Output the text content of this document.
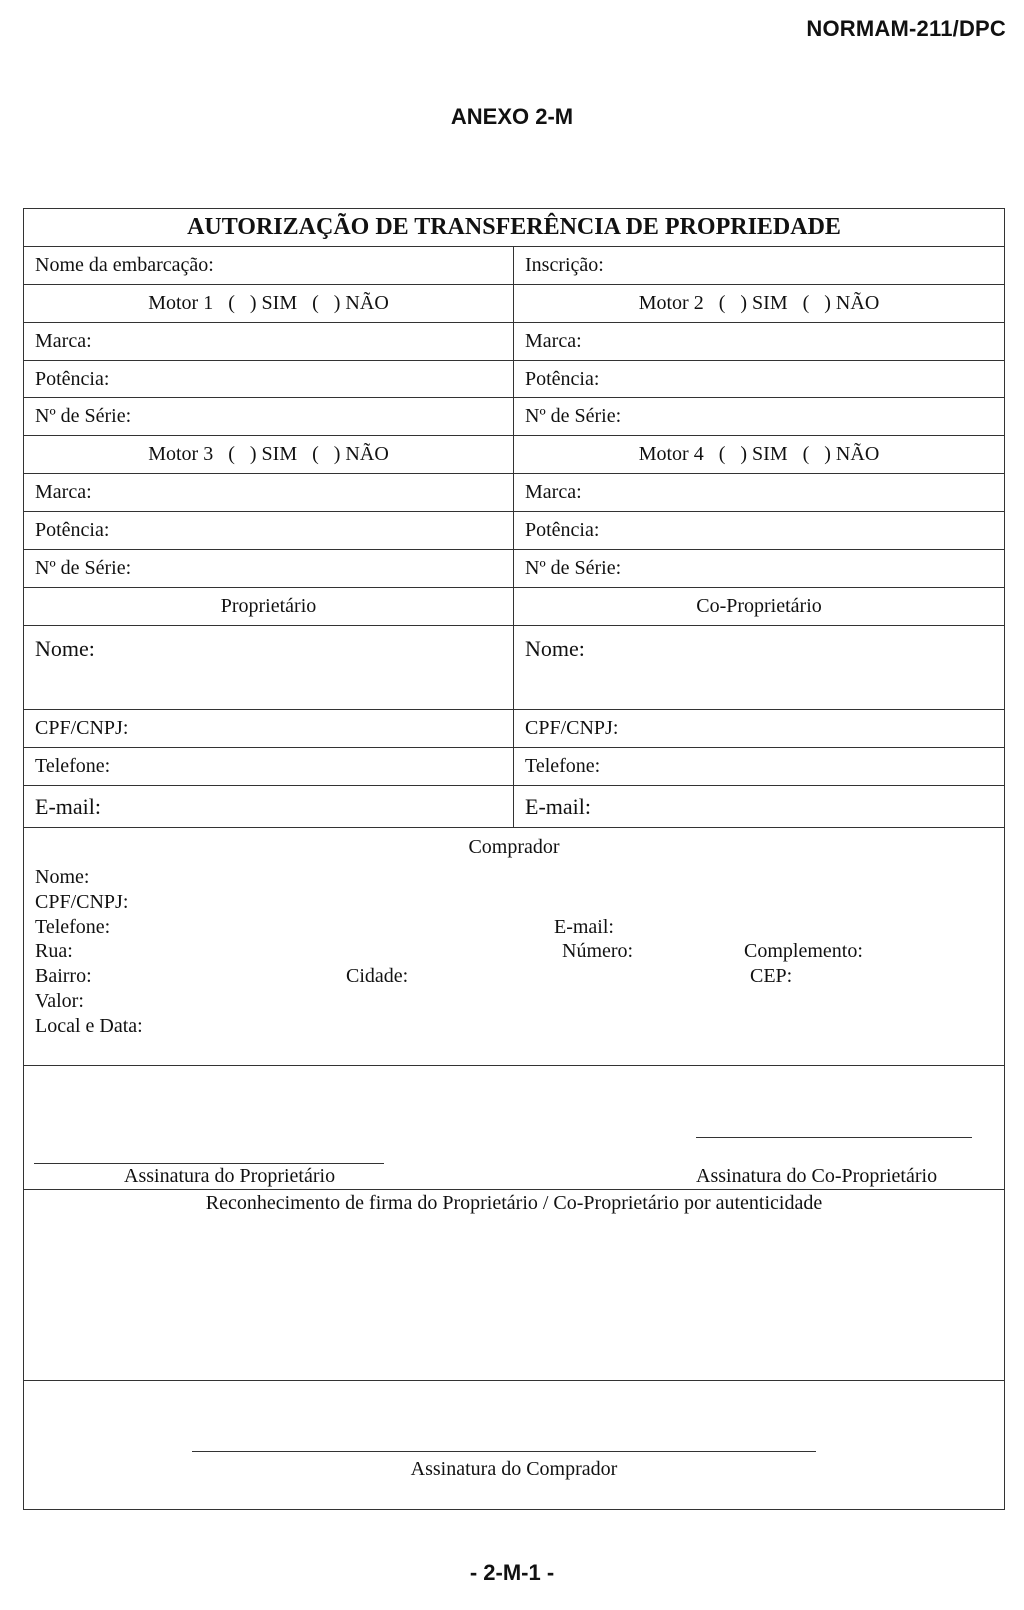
NORMAM-211/DPC
ANEXO 2-M
AUTORIZAÇÃO DE TRANSFERÊNCIA DE PROPRIEDADE
Nome da embarcação:	Inscrição:
Motor 1   (   ) SIM   (   ) NÃO	Motor 2   (   ) SIM   (   ) NÃO
Marca:	Marca:
Potência:	Potência:
Nº de Série:	Nº de Série:
Motor 3   (   ) SIM   (   ) NÃO	Motor 4   (   ) SIM   (   ) NÃO
Marca:	Marca:
Potência:	Potência:
Nº de Série:	Nº de Série:
Proprietário	Co-Proprietário
Nome:	Nome:
CPF/CNPJ:	CPF/CNPJ:
Telefone:	Telefone:
E-mail:	E-mail:
Comprador
Nome:
CPF/CNPJ:
Telefone:	E-mail:
Rua:	Número:	Complemento:
Bairro:	Cidade:	CEP:
Valor:
Local e Data:
Assinatura do Proprietário	Assinatura do Co-Proprietário
Reconhecimento de firma do Proprietário / Co-Proprietário por autenticidade
Assinatura do Comprador
- 2-M-1 -
